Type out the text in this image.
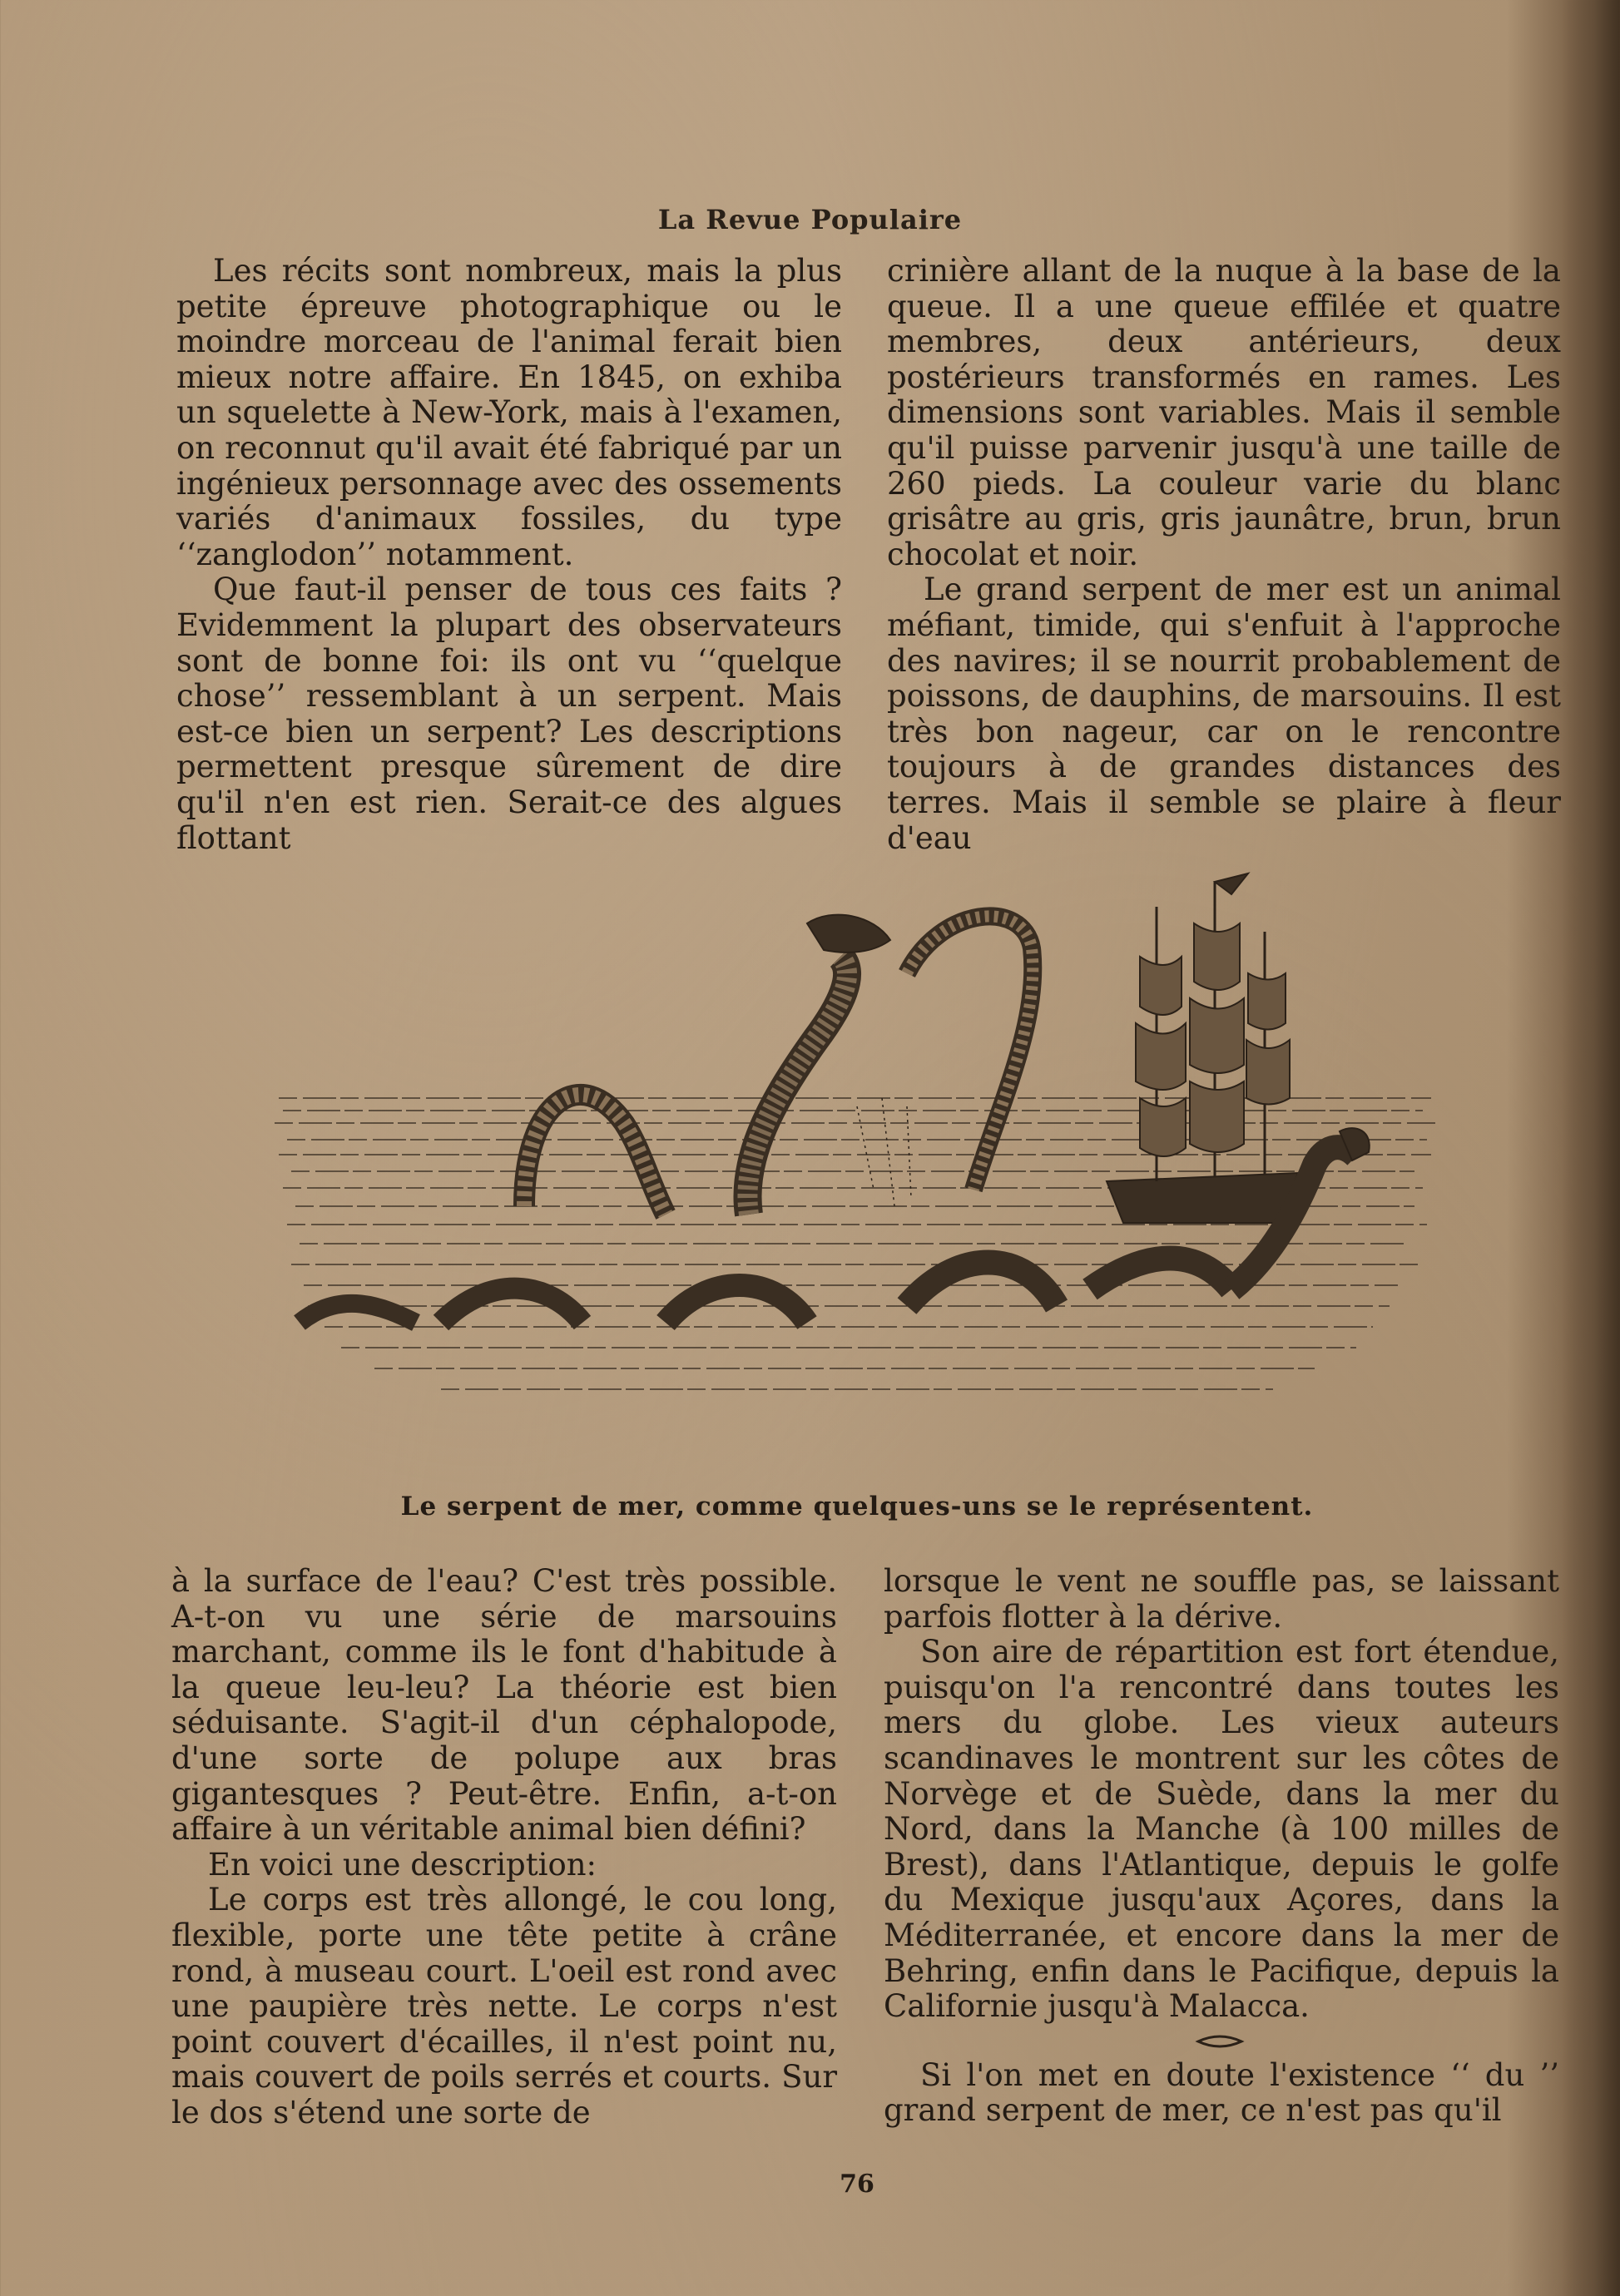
La Revue Populaire

Les récits sont nombreux, mais la plus petite épreuve photographique ou le moindre morceau de l'animal ferait bien mieux notre affaire. En 1845, on exhiba un squelette à New-York, mais à l'examen, on reconnut qu'il avait été fabriqué par un ingénieux personnage avec des ossements variés d'animaux fossiles, du type ‘‘zanglodon’’ notamment.

Que faut-il penser de tous ces faits ? Evidemment la plupart des observateurs sont de bonne foi: ils ont vu ‘‘quelque chose’’ ressemblant à un serpent. Mais est-ce bien un serpent? Les descriptions permettent presque sûrement de dire qu'il n'en est rien. Serait-ce des algues flottant

crinière allant de la nuque à la base de la queue. Il a une queue effilée et quatre membres, deux antérieurs, deux postérieurs transformés en rames. Les dimensions sont variables. Mais il semble qu'il puisse parvenir jusqu'à une taille de 260 pieds. La couleur varie du blanc grisâtre au gris, gris jaunâtre, brun, brun chocolat et noir.

Le grand serpent de mer est un animal méfiant, timide, qui s'enfuit à l'approche des navires; il se nourrit probablement de poissons, de dauphins, de marsouins. Il est très bon nageur, car on le rencontre toujours à de grandes distances des terres. Mais il semble se plaire à fleur d'eau

Le serpent de mer, comme quelques-uns se le représentent.

à la surface de l'eau? C'est très possible. A-t-on vu une série de marsouins marchant, comme ils le font d'habitude à la queue leu-leu? La théorie est bien séduisante. S'agit-il d'un céphalopode, d'une sorte de polupe aux bras gigantesques ? Peut-être. Enfin, a-t-on affaire à un véritable animal bien défini?

En voici une description:

Le corps est très allongé, le cou long, flexible, porte une tête petite à crâne rond, à museau court. L'oeil est rond avec une paupière très nette. Le corps n'est point couvert d'écailles, il n'est point nu, mais couvert de poils serrés et courts. Sur le dos s'étend une sorte de

lorsque le vent ne souffle pas, se laissant parfois flotter à la dérive.

Son aire de répartition est fort étendue, puisqu'on l'a rencontré dans toutes les mers du globe. Les vieux auteurs scandinaves le montrent sur les côtes de Norvège et de Suède, dans la mer du Nord, dans la Manche (à 100 milles de Brest), dans l'Atlantique, depuis le golfe du Mexique jusqu'aux Açores, dans la Méditerranée, et encore dans la mer de Behring, enfin dans le Pacifique, depuis la Californie jusqu'à Malacca.

Si l'on met en doute l'existence ‘‘ du ’’ grand serpent de mer, ce n'est pas qu'il

76
